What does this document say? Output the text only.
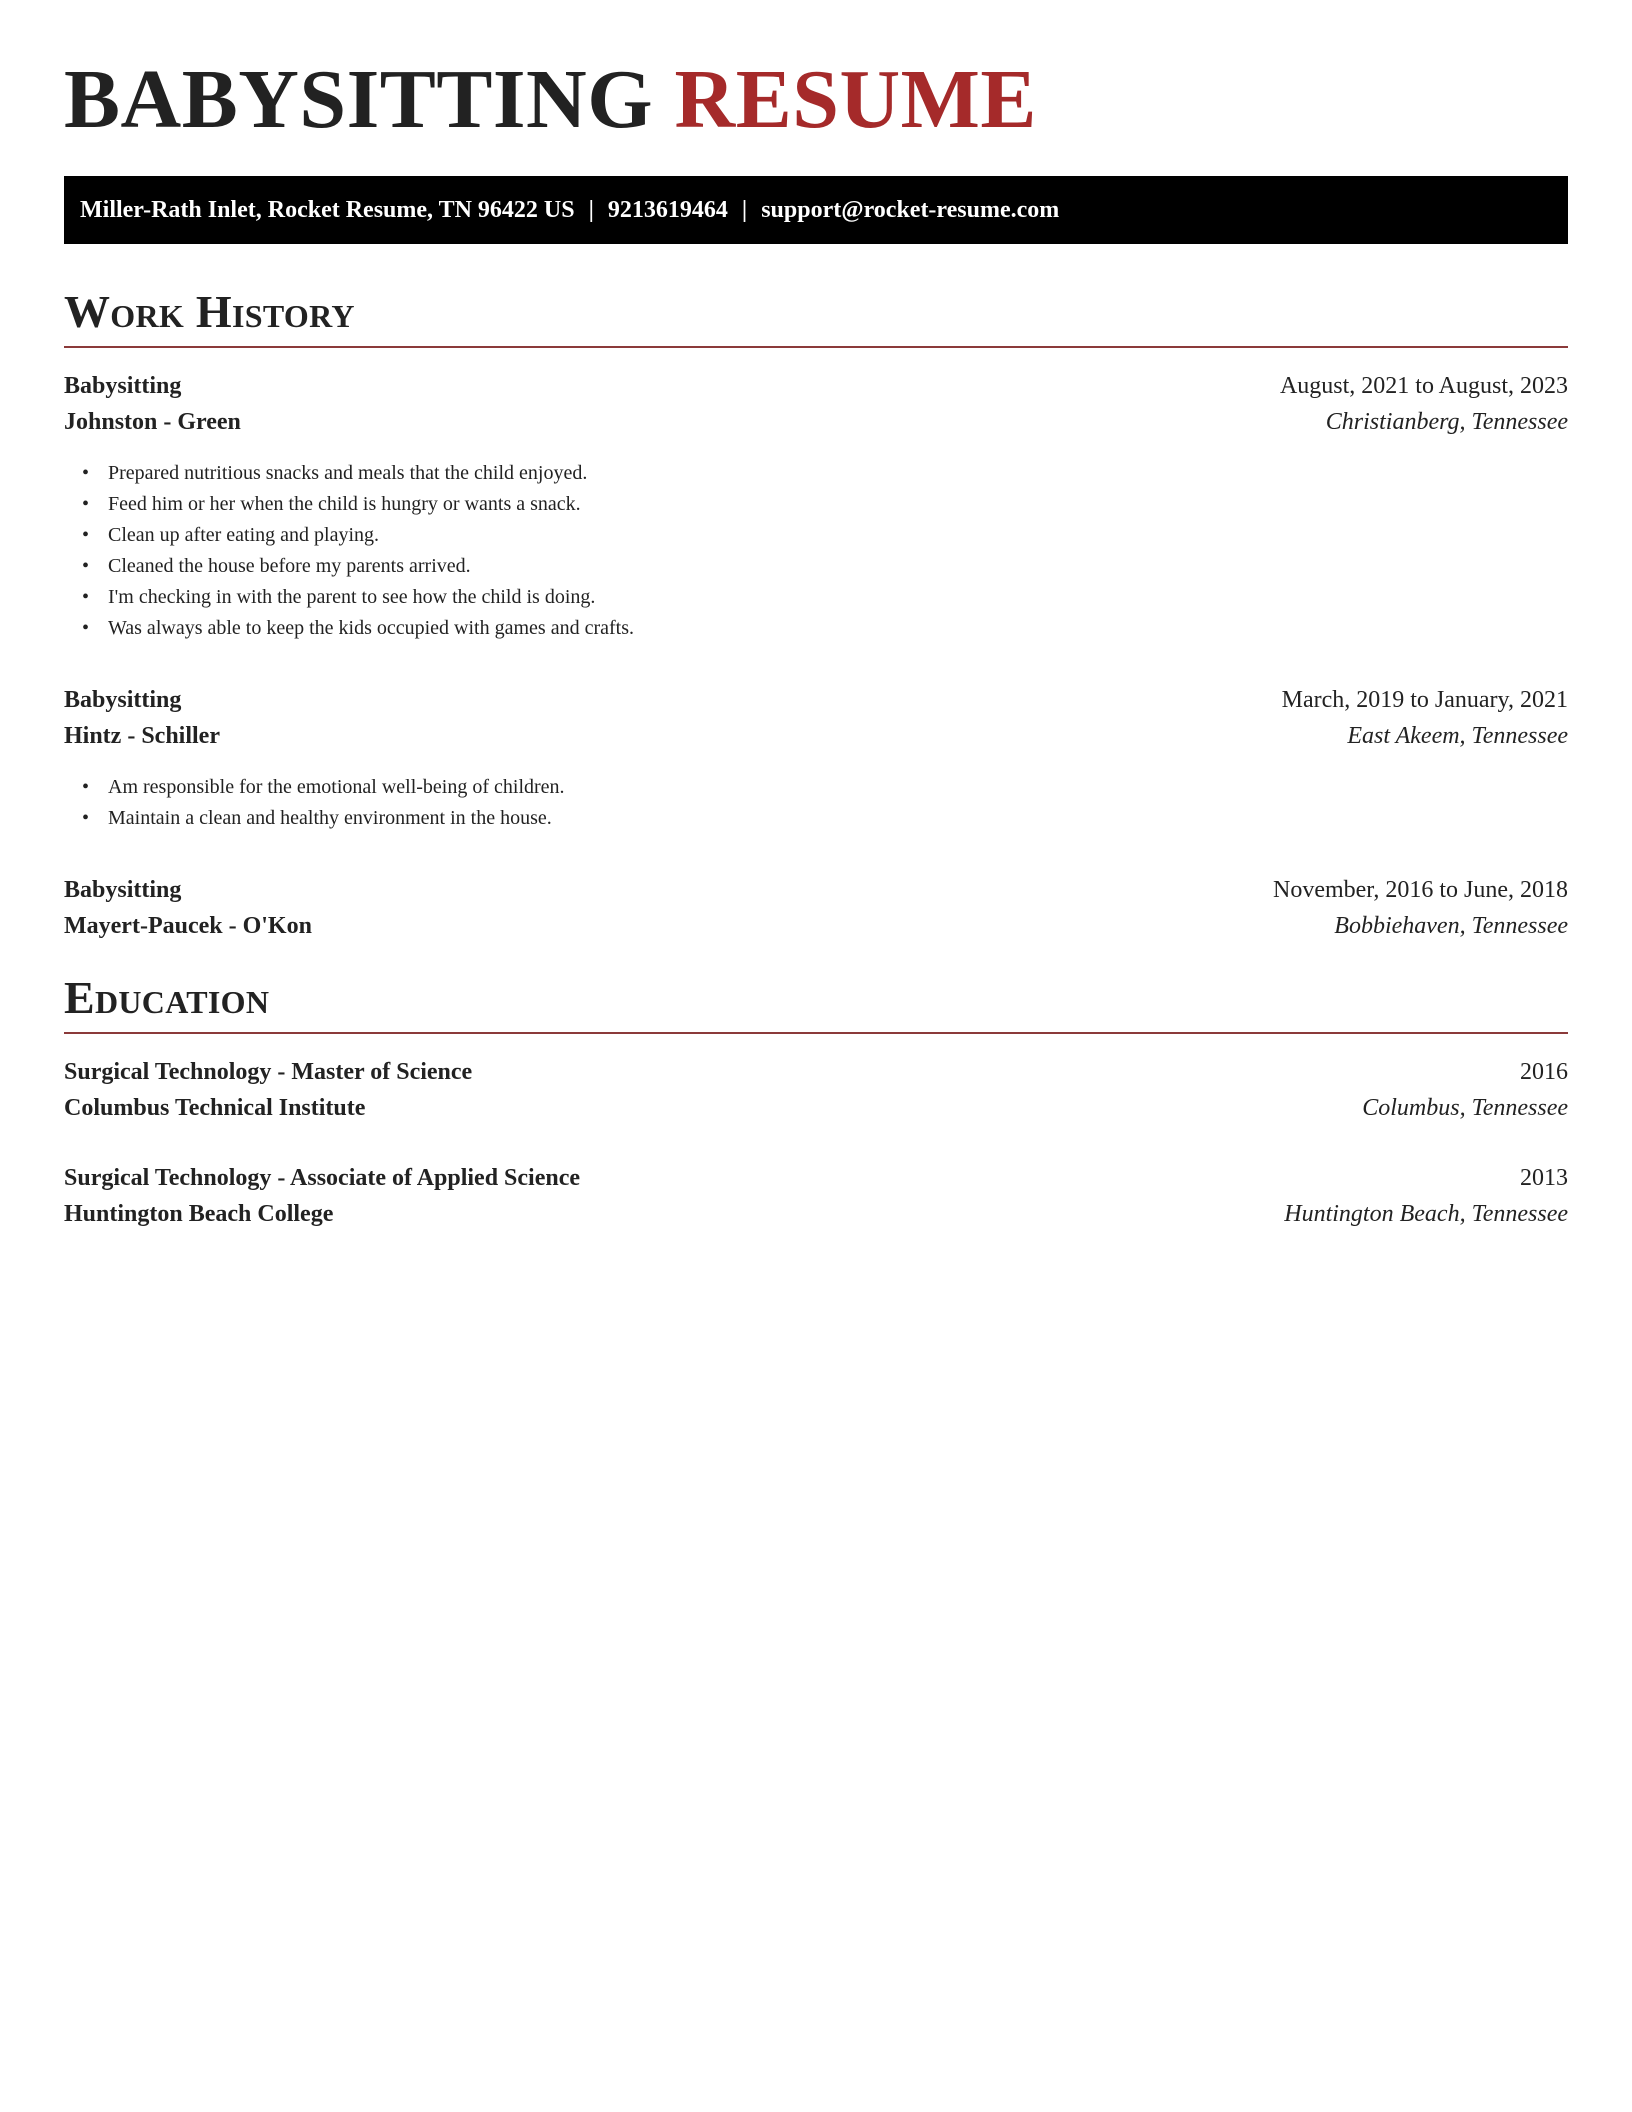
BABYSITTING RESUME
Miller-Rath Inlet, Rocket Resume, TN 96422 US | 9213619464 | support@rocket-resume.com
Work History
Babysitting	August, 2021 to August, 2023
Johnston - Green	Christianberg, Tennessee
• Prepared nutritious snacks and meals that the child enjoyed.
• Feed him or her when the child is hungry or wants a snack.
• Clean up after eating and playing.
• Cleaned the house before my parents arrived.
• I'm checking in with the parent to see how the child is doing.
• Was always able to keep the kids occupied with games and crafts.
Babysitting	March, 2019 to January, 2021
Hintz - Schiller	East Akeem, Tennessee
• Am responsible for the emotional well-being of children.
• Maintain a clean and healthy environment in the house.
Babysitting	November, 2016 to June, 2018
Mayert-Paucek - O'Kon	Bobbiehaven, Tennessee
Education
Surgical Technology - Master of Science	2016
Columbus Technical Institute	Columbus, Tennessee
Surgical Technology - Associate of Applied Science	2013
Huntington Beach College	Huntington Beach, Tennessee
